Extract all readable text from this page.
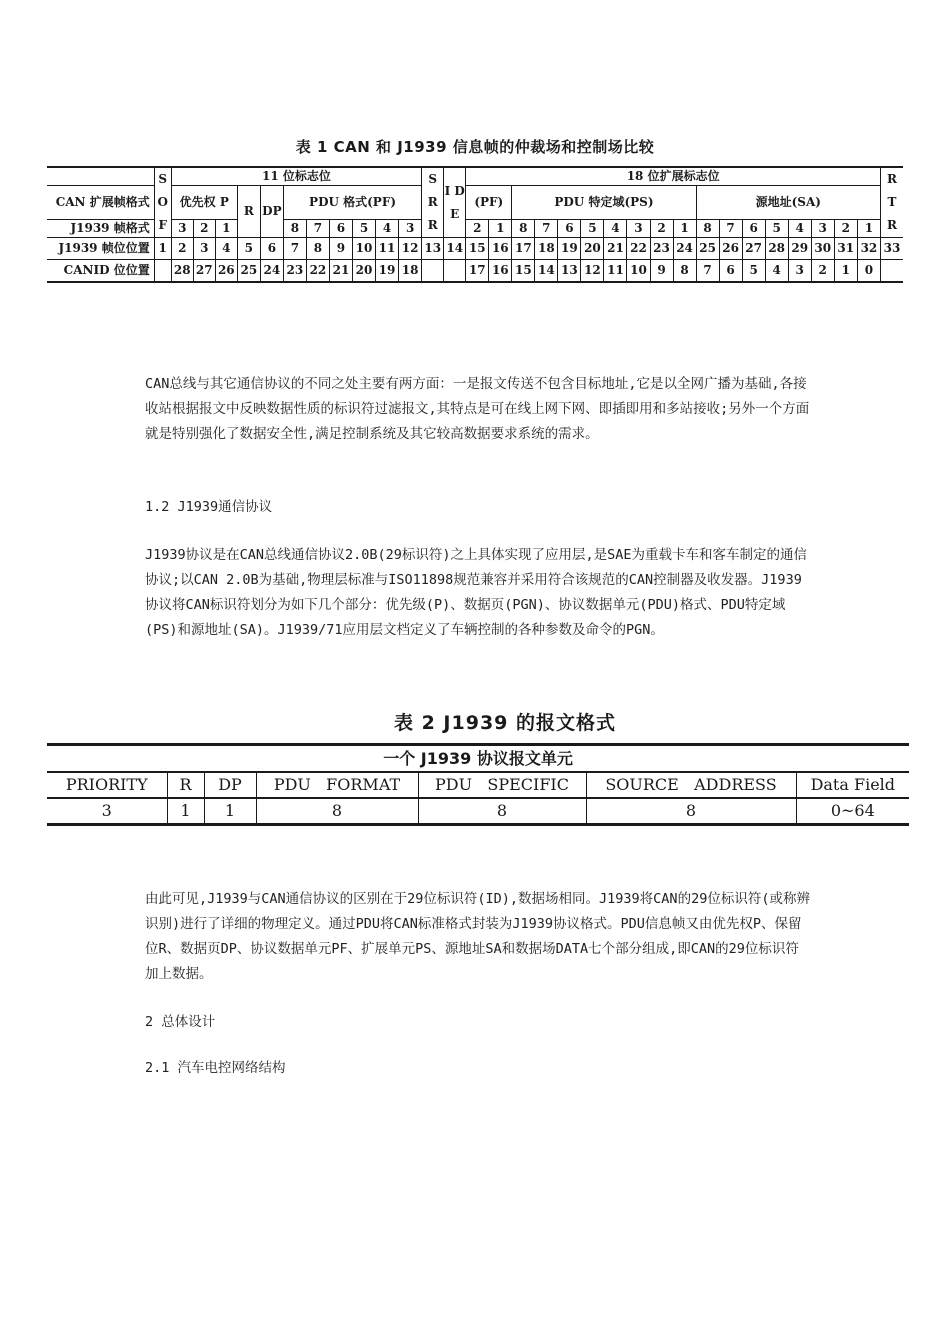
表 1 CAN 和 J1939 信息帧的仲裁场和控制场比较
	S O F	11 位标志位											S R R	I D E	18 位扩展标志位																		R T R
CAN 扩展帧格式		优先权 P			R	DP	PDU 格式(PF)								(PF)		PDU 特定域(PS)								源地址(SA)								
J1939 帧格式		3	2	1			8	7	6	5	4	3			2	1	8	7	6	5	4	3	2	1	8	7	6	5	4	3	2	1	
J1939 帧位位置	1	2	3	4	5	6	7	8	9	10	11	12	13	14	15	16	17	18	19	20	21	22	23	24	25	26	27	28	29	30	31	32	33
CANID 位位置		28	27	26	25	24	23	22	21	20	19	18			17	16	15	14	13	12	11	10	9	8	7	6	5	4	3	2	1	0	
CAN总线与其它通信协议的不同之处主要有两方面：一是报文传送不包含目标地址,它是以全网广播为基础,各接收站根据报文中反映数据性质的标识符过滤报文,其特点是可在线上网下网、即插即用和多站接收;另外一个方面就是特别强化了数据安全性,满足控制系统及其它较高数据要求系统的需求。
1.2 J1939通信协议
J1939协议是在CAN总线通信协议2.0B(29标识符)之上具体实现了应用层,是SAE为重载卡车和客车制定的通信协议;以CAN 2.0B为基础,物理层标准与ISO11898规范兼容并采用符合该规范的CAN控制器及收发器。J1939协议将CAN标识符划分为如下几个部分：优先级(P)、数据页(PGN)、协议数据单元(PDU)格式、PDU特定域(PS)和源地址(SA)。J1939/71应用层文档定义了车辆控制的各种参数及命令的PGN。
表 2 J1939 的报文格式
一个 J1939 协议报文单元						
PRIORITY	R	DP	PDU   FORMAT	PDU   SPECIFIC	SOURCE   ADDRESS	Data Field
3	1	1	8	8	8	0~64
由此可见,J1939与CAN通信协议的区别在于29位标识符(ID),数据场相同。J1939将CAN的29位标识符(或称辨识别)进行了详细的物理定义。通过PDU将CAN标准格式封装为J1939协议格式。PDU信息帧又由优先权P、保留位R、数据页DP、协议数据单元PF、扩展单元PS、源地址SA和数据场DATA七个部分组成,即CAN的29位标识符加上数据。
2 总体设计
2.1 汽车电控网络结构
